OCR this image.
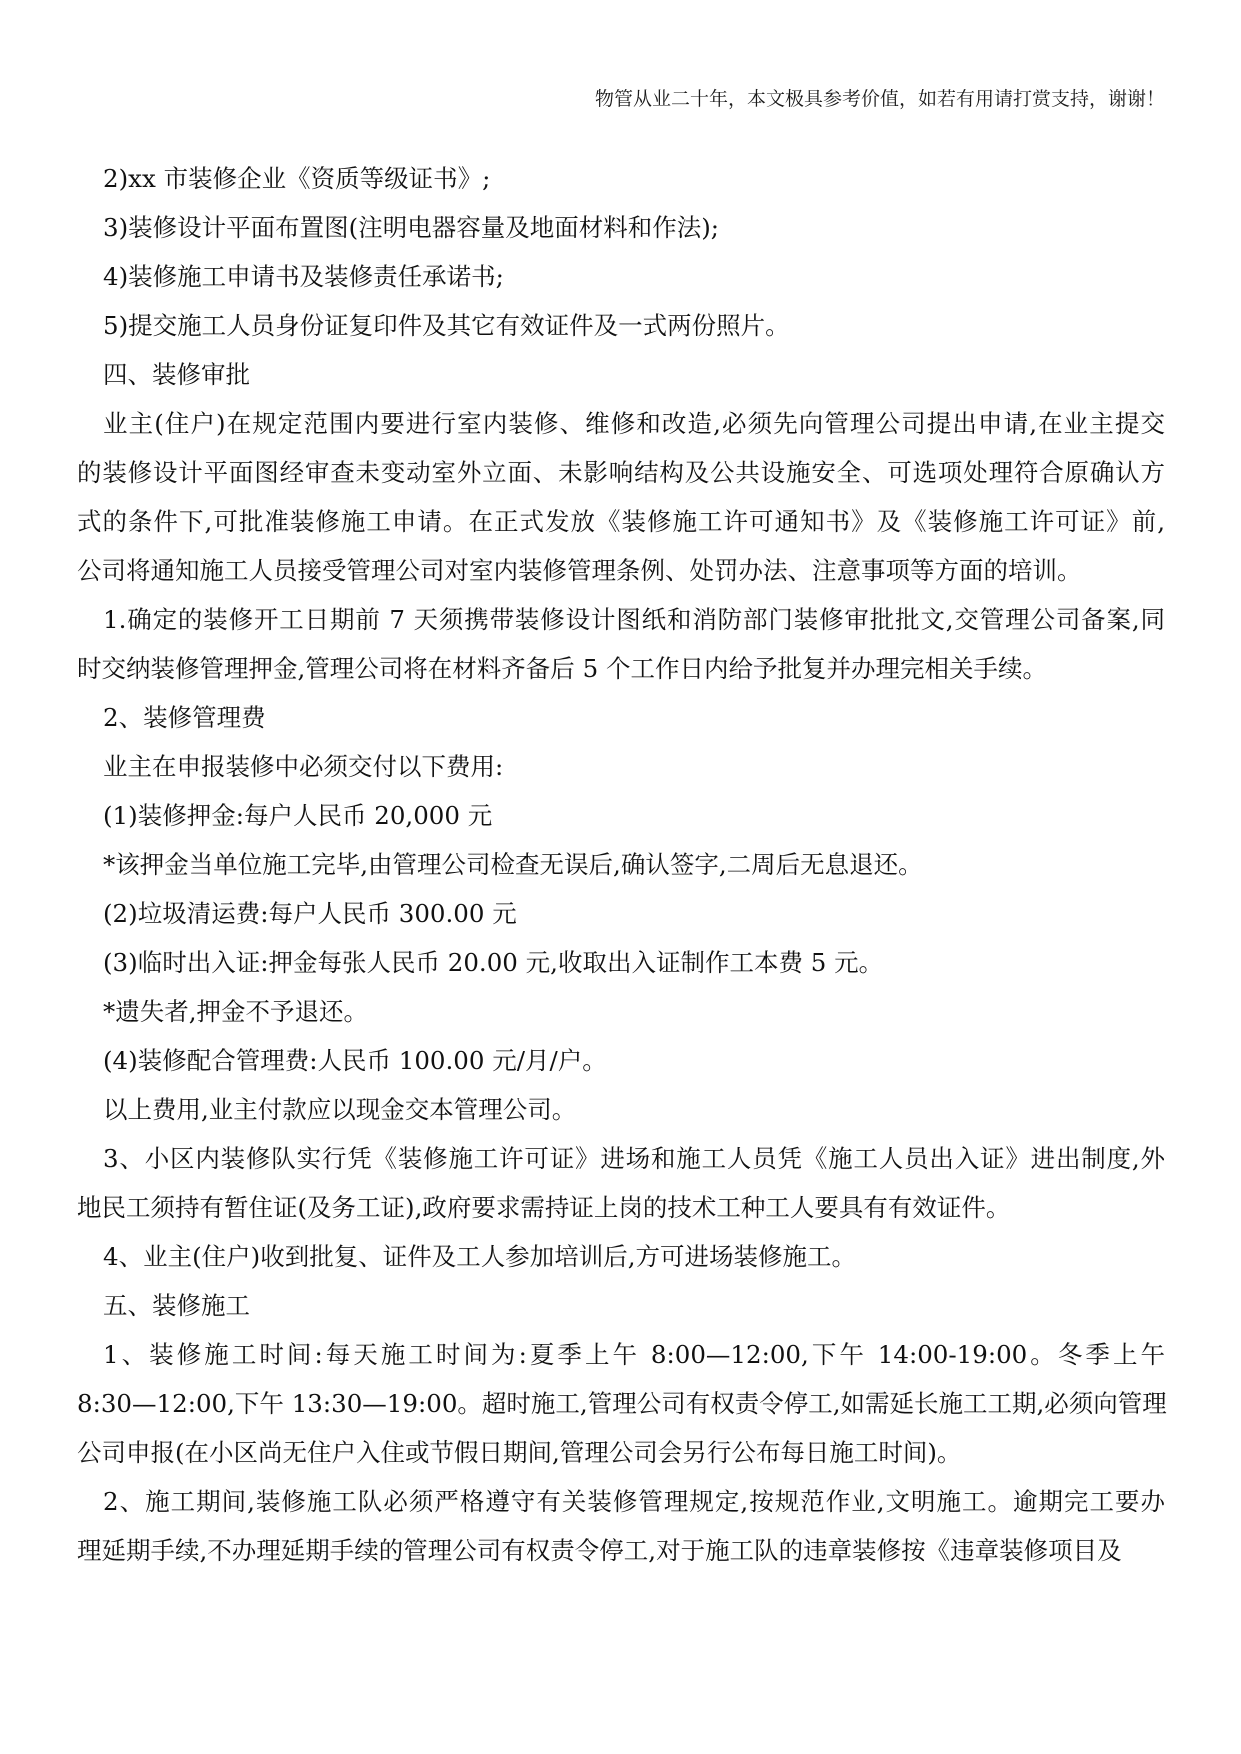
物管从业二十年，本文极具参考价值，如若有用请打赏支持，谢谢！
2)xx 市装修企业《资质等级证书》;
3)装修设计平面布置图(注明电器容量及地面材料和作法);
4)装修施工申请书及装修责任承诺书;
5)提交施工人员身份证复印件及其它有效证件及一式两份照片。
四、装修审批
业主(住户)在规定范围内要进行室内装修、维修和改造,必须先向管理公司提出申请,在业主提交
的装修设计平面图经审查未变动室外立面、未影响结构及公共设施安全、可选项处理符合原确认方
式的条件下,可批准装修施工申请。在正式发放《装修施工许可通知书》及《装修施工许可证》前,
公司将通知施工人员接受管理公司对室内装修管理条例、处罚办法、注意事项等方面的培训。
1.确定的装修开工日期前 7 天须携带装修设计图纸和消防部门装修审批批文,交管理公司备案,同
时交纳装修管理押金,管理公司将在材料齐备后 5 个工作日内给予批复并办理完相关手续。
2、装修管理费
业主在申报装修中必须交付以下费用:
(1)装修押金:每户人民币 20,000 元
*该押金当单位施工完毕,由管理公司检查无误后,确认签字,二周后无息退还。
(2)垃圾清运费:每户人民币 300.00 元
(3)临时出入证:押金每张人民币 20.00 元,收取出入证制作工本费 5 元。
*遗失者,押金不予退还。
(4)装修配合管理费:人民币 100.00 元/月/户。
以上费用,业主付款应以现金交本管理公司。
3、小区内装修队实行凭《装修施工许可证》进场和施工人员凭《施工人员出入证》进出制度,外
地民工须持有暂住证(及务工证),政府要求需持证上岗的技术工种工人要具有有效证件。
4、业主(住户)收到批复、证件及工人参加培训后,方可进场装修施工。
五、装修施工
1、装修施工时间:每天施工时间为:夏季上午 8:00—12:00,下午 14:00-19:00。冬季上午
8:30—12:00,下午 13:30—19:00。超时施工,管理公司有权责令停工,如需延长施工工期,必须向管理
公司申报(在小区尚无住户入住或节假日期间,管理公司会另行公布每日施工时间)。
2、施工期间,装修施工队必须严格遵守有关装修管理规定,按规范作业,文明施工。逾期完工要办
理延期手续,不办理延期手续的管理公司有权责令停工,对于施工队的违章装修按《违章装修项目及
